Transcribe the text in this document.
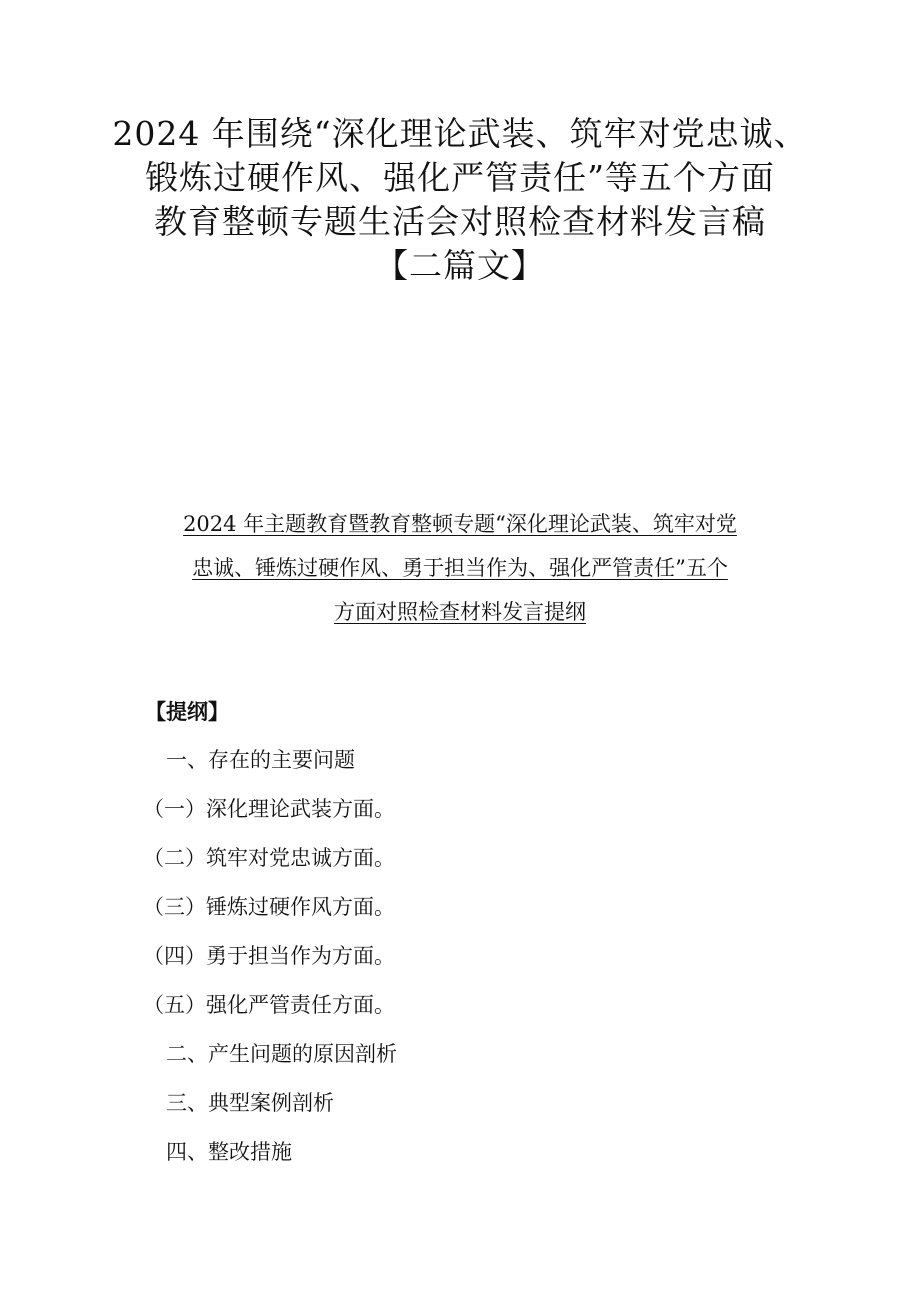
2024 年围绕“深化理论武装、筑牢对党忠诚、
锻炼过硬作风、强化严管责任”等五个方面
教育整顿专题生活会对照检查材料发言稿
【二篇文】
2024 年主题教育暨教育整顿专题“深化理论武装、筑牢对党
忠诚、锤炼过硬作风、勇于担当作为、强化严管责任”五个
方面对照检查材料发言提纲
【提纲】
一、存在的主要问题
（一）深化理论武装方面。
（二）筑牢对党忠诚方面。
（三）锤炼过硬作风方面。
（四）勇于担当作为方面。
（五）强化严管责任方面。
二、产生问题的原因剖析
三、典型案例剖析
四、整改措施
